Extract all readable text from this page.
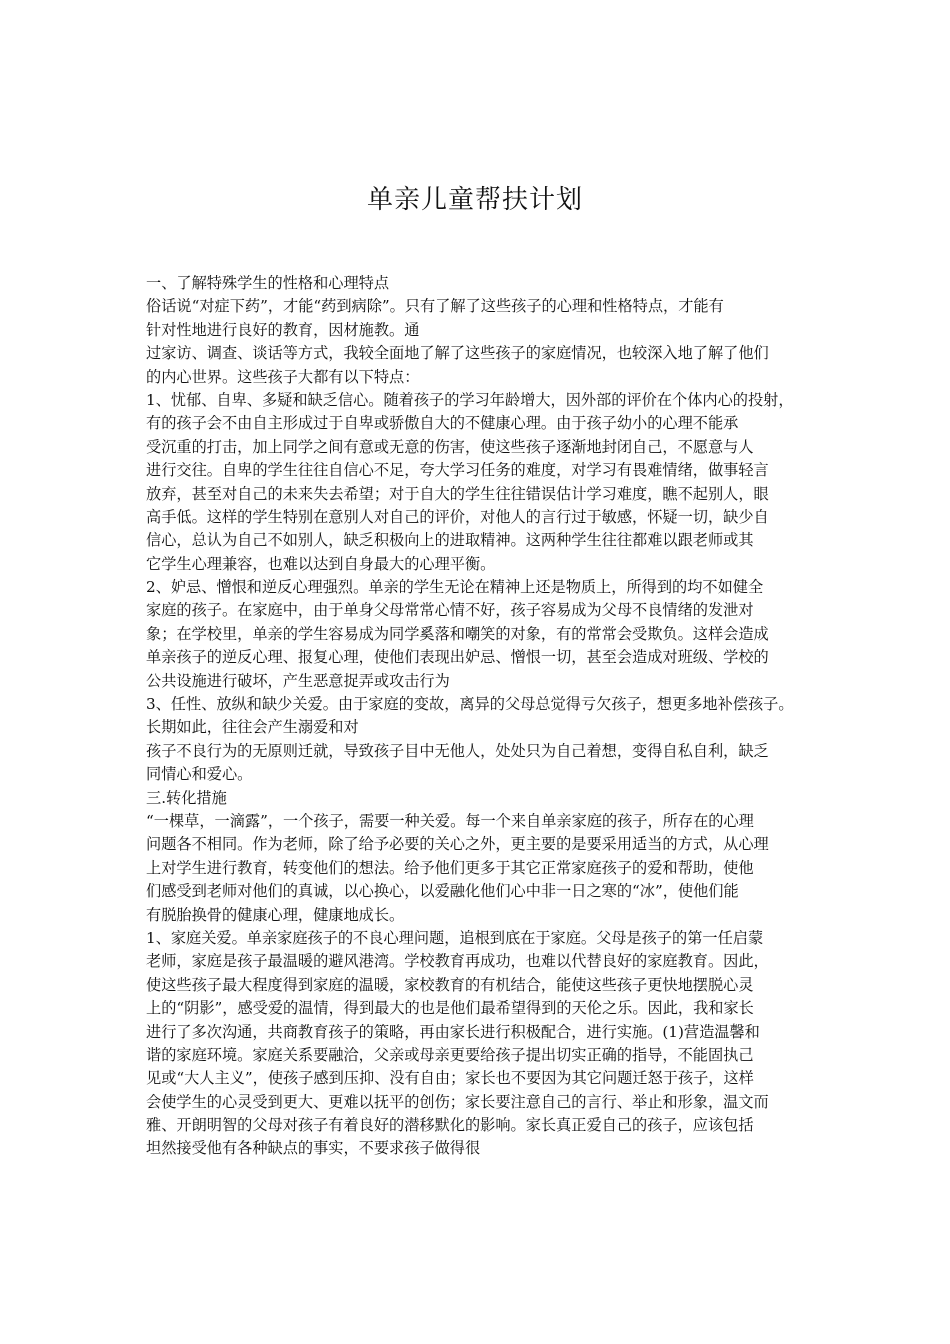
单亲儿童帮扶计划
一、了解特殊学生的性格和心理特点
俗话说“对症下药”，才能“药到病除”。只有了解了这些孩子的心理和性格特点，才能有
针对性地进行良好的教育，因材施教。通
过家访、调查、谈话等方式，我较全面地了解了这些孩子的家庭情况，也较深入地了解了他们
的内心世界。这些孩子大都有以下特点：
1、忧郁、自卑、多疑和缺乏信心。随着孩子的学习年龄增大，因外部的评价在个体内心的投射，
有的孩子会不由自主形成过于自卑或骄傲自大的不健康心理。由于孩子幼小的心理不能承
受沉重的打击，加上同学之间有意或无意的伤害，使这些孩子逐渐地封闭自己，不愿意与人
进行交往。自卑的学生往往自信心不足，夸大学习任务的难度，对学习有畏难情绪，做事轻言
放弃，甚至对自己的未来失去希望；对于自大的学生往往错误估计学习难度，瞧不起别人，眼
高手低。这样的学生特别在意别人对自己的评价，对他人的言行过于敏感，怀疑一切，缺少自
信心，总认为自己不如别人，缺乏积极向上的进取精神。这两种学生往往都难以跟老师或其
它学生心理兼容，也难以达到自身最大的心理平衡。
2、妒忌、憎恨和逆反心理强烈。单亲的学生无论在精神上还是物质上，所得到的均不如健全
家庭的孩子。在家庭中，由于单身父母常常心情不好，孩子容易成为父母不良情绪的发泄对
象；在学校里，单亲的学生容易成为同学奚落和嘲笑的对象，有的常常会受欺负。这样会造成
单亲孩子的逆反心理、报复心理，使他们表现出妒忌、憎恨一切，甚至会造成对班级、学校的
公共设施进行破坏，产生恶意捉弄或攻击行为
3、任性、放纵和缺少关爱。由于家庭的变故，离异的父母总觉得亏欠孩子，想更多地补偿孩子。
长期如此，往往会产生溺爱和对
孩子不良行为的无原则迁就，导致孩子目中无他人，处处只为自己着想，变得自私自利，缺乏
同情心和爱心。
三.转化措施
“一棵草，一滴露”，一个孩子，需要一种关爱。每一个来自单亲家庭的孩子，所存在的心理
问题各不相同。作为老师，除了给予必要的关心之外，更主要的是要采用适当的方式，从心理
上对学生进行教育，转变他们的想法。给予他们更多于其它正常家庭孩子的爱和帮助，使他
们感受到老师对他们的真诚，以心换心，以爱融化他们心中非一日之寒的“冰”，使他们能
有脱胎换骨的健康心理，健康地成长。
1、家庭关爱。单亲家庭孩子的不良心理问题，追根到底在于家庭。父母是孩子的第一任启蒙
老师，家庭是孩子最温暖的避风港湾。学校教育再成功，也难以代替良好的家庭教育。因此，
使这些孩子最大程度得到家庭的温暖，家校教育的有机结合，能使这些孩子更快地摆脱心灵
上的“阴影”，感受爱的温情，得到最大的也是他们最希望得到的天伦之乐。因此，我和家长
进行了多次沟通，共商教育孩子的策略，再由家长进行积极配合，进行实施。(1)营造温馨和
谐的家庭环境。家庭关系要融洽，父亲或母亲更要给孩子提出切实正确的指导，不能固执己
见或“大人主义”，使孩子感到压抑、没有自由；家长也不要因为其它问题迁怒于孩子，这样
会使学生的心灵受到更大、更难以抚平的创伤；家长要注意自己的言行、举止和形象，温文而
雅、开朗明智的父母对孩子有着良好的潜移默化的影响。家长真正爱自己的孩子，应该包括
坦然接受他有各种缺点的事实，不要求孩子做得很
